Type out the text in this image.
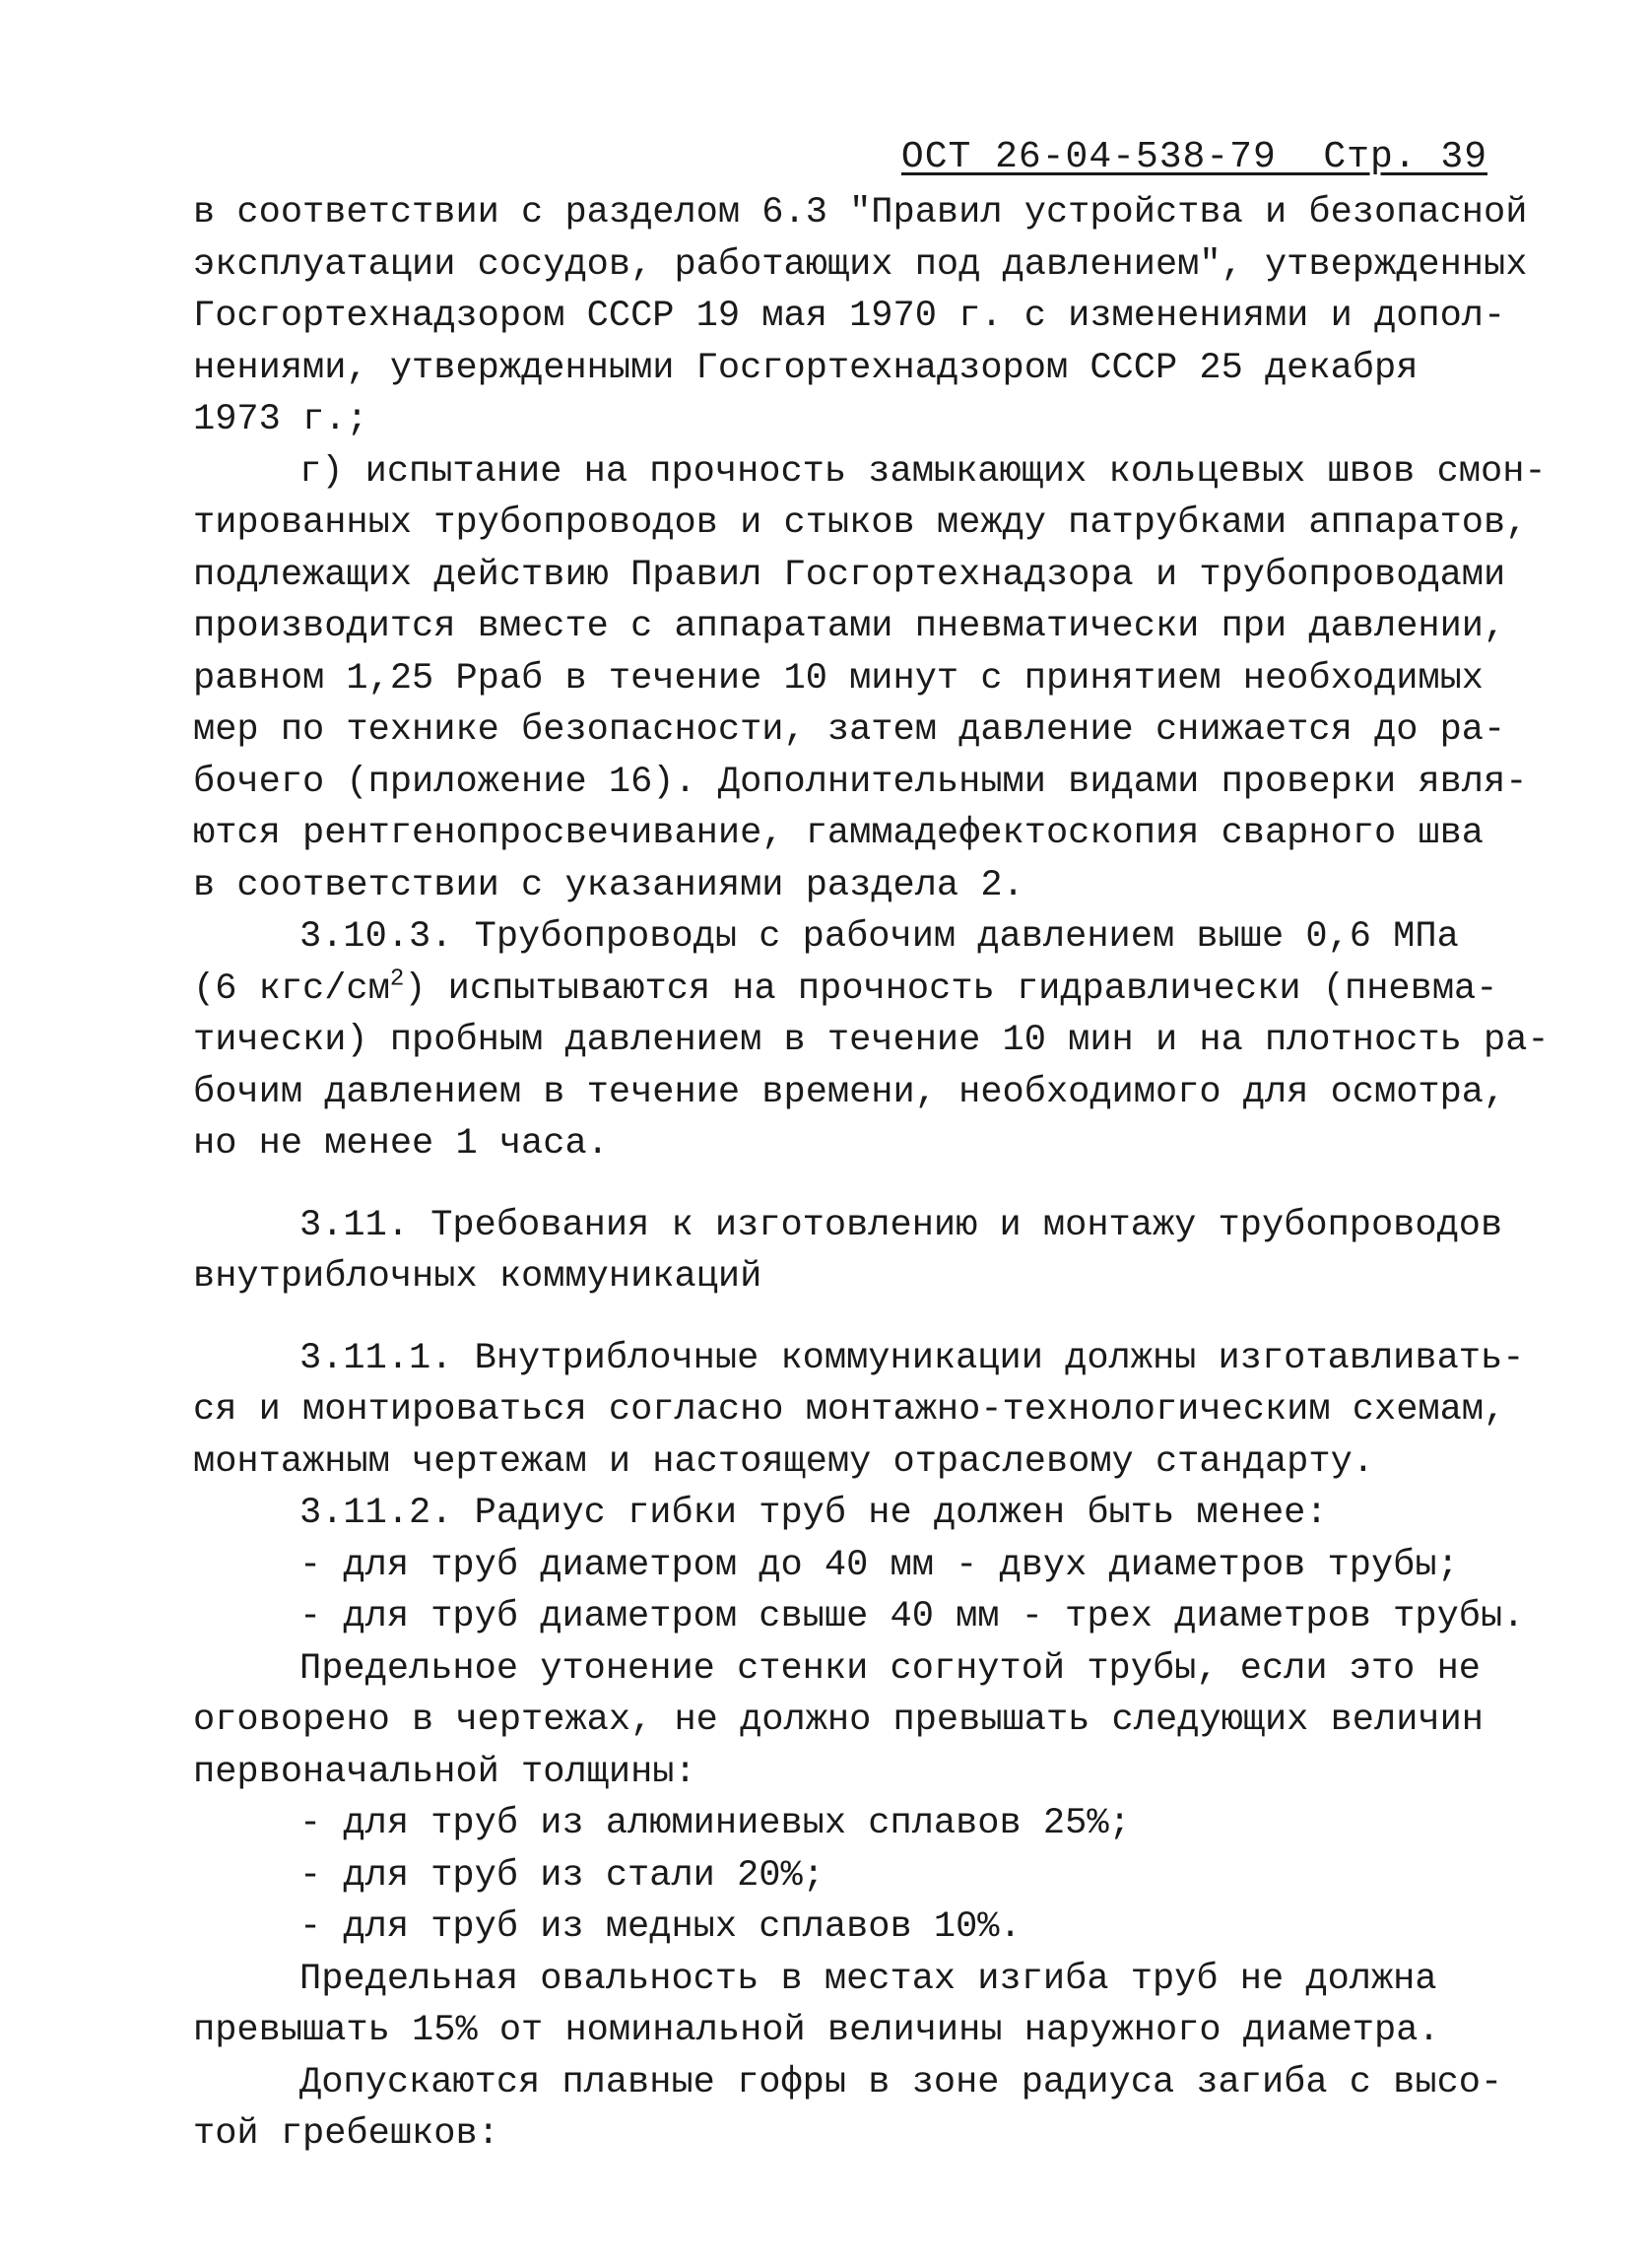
ОСТ 26-04-538-79  Стр. 39
в соответствии с разделом 6.3 "Правил устройства и безопасной
эксплуатации сосудов, работающих под давлением", утвержденных
Госгортехнадзором СССР 19 мая 1970 г. с изменениями и допол-
нениями, утвержденными Госгортехнадзором СССР 25 декабря
1973 г.;
г) испытание на прочность замыкающих кольцевых швов смон-
тированных трубопроводов и стыков между патрубками аппаратов,
подлежащих действию Правил Госгортехнадзора и трубопроводами
производится вместе с аппаратами пневматически при давлении,
равном 1,25 Рраб в течение 10 минут с принятием необходимых
мер по технике безопасности, затем давление снижается до ра-
бочего (приложение 16). Дополнительными видами проверки явля-
ются рентгенопросвечивание, гаммадефектоскопия сварного шва
в соответствии с указаниями раздела 2.
3.10.3. Трубопроводы с рабочим давлением выше 0,6 МПа
(6 кгс/$см^2$) испытываются на прочность гидравлически (пневма-
тически) пробным давлением в течение 10 мин и на плотность ра-
бочим давлением в течение времени, необходимого для осмотра,
но не менее 1 часа.
3.11. Требования к изготовлению и монтажу трубопроводов
внутриблочных коммуникаций
3.11.1. Внутриблочные коммуникации должны изготавливать-
ся и монтироваться согласно монтажно-технологическим схемам,
монтажным чертежам и настоящему отраслевому стандарту.
3.11.2. Радиус гибки труб не должен быть менее:
- для труб диаметром до 40 мм - двух диаметров трубы;
- для труб диаметром свыше 40 мм - трех диаметров трубы.
Предельное утонение стенки согнутой трубы, если это не
оговорено в чертежах, не должно превышать следующих величин
первоначальной толщины:
- для труб из алюминиевых сплавов 25%;
- для труб из стали 20%;
- для труб из медных сплавов 10%.
Предельная овальность в местах изгиба труб не должна
превышать 15% от номинальной величины наружного диаметра.
Допускаются плавные гофры в зоне радиуса загиба с высо-
той гребешков:
